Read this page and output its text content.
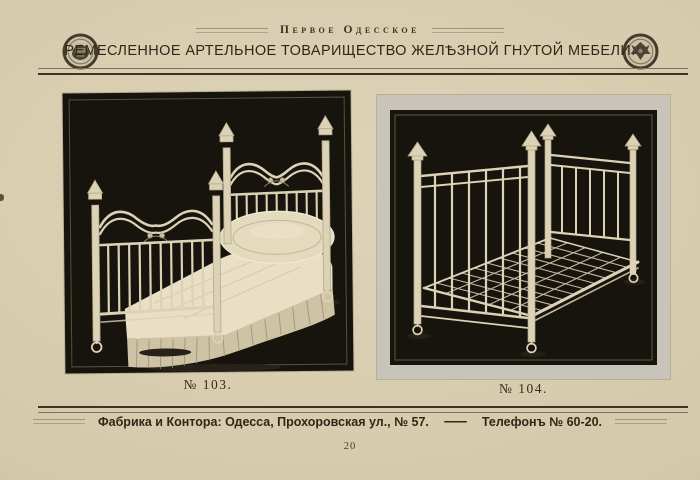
Первое Одесское
РЕМЕСЛЕННОЕ АРТЕЛЬНОЕ ТОВАРИЩЕСТВО ЖЕЛѢЗНОЙ ГНУТОЙ МЕБЕЛИ.
№ 103.	№ 104.
Фабрика и Контора: Одесса, Прохоровская ул., № 57. — Телефонъ № 60-20.
20
